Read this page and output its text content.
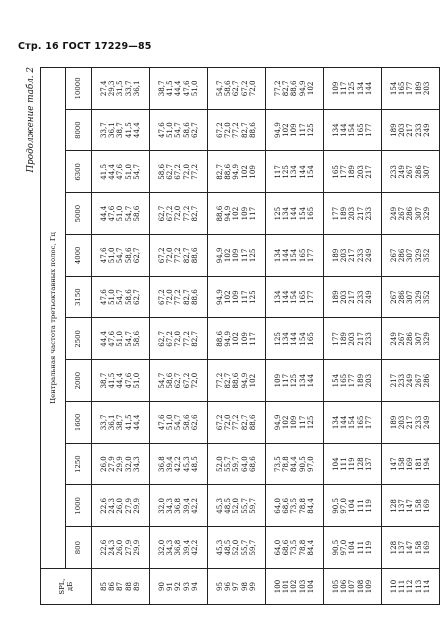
Стр. 16 ГОСТ 17229—85
Продолжение табл. 2
SPL, дБ	Центральная частота третьоктавных полос, Гц											
	800	1000	1250	1600	2000	2500	3150	4000	5000	6300	8000	10000

85 86 87 88 89	22,6 24,3 26,0 27,9 29,9	22,6 24,3 26,0 27,9 29,9	26,0 27,9 29,9 32,0 34,3	33,7 36,1 38,7 41,5 44,4	38,7 41,5 44,4 47,6 51,0	44,4 47,6 51,0 54,7 58,6	47,6 51,0 54,7 58,6 62,7	47,6 51,0 54,7 58,6 62,7	44,4 47,6 51,0 54,7 58,6	41,5 44,4 47,6 51,0 54,7	33,7 36,1 38,7 41,5 44,4	27,4 29,3 31,5 33,7 36,1

90 91 92 93 94	32,0 34,3 36,8 39,4 42,2	32,0 34,3 36,8 39,4 42,2	36,8 39,4 42,2 45,3 48,5	47,6 51,0 54,7 58,6 62,6	54,7 58,6 62,7 67,2 72,0	62,7 67,2 72,0 77,2 82,7	67,2 72,0 77,2 82,7 88,6	67,2 72,0 77,2 82,7 88,6	62,7 67,2 72,0 77,2 82,7	58,6 62,7 67,2 72,0 77,2	47,6 51,0 54,7 58,6 62,7	38,7 41,5 44,4 47,6 51,0

95 96 97 98 99	45,3 48,5 52,0 55,7 59,7	45,3 48,5 52,0 55,7 59,7	52,0 55,7 59,7 64,0 68,6	67,2 72,0 77,2 82,7 88,6	77,2 82,7 88,6 94,9 102	88,6 94,9 102 109 117	94,9 102 109 117 125	94,9 102 109 117 125	88,6 94,9 102 109 117	82,7 88,6 94,9 102 109	67,2 72,0 77,2 82,7 88,6	54,7 58,6 62,7 67,2 72,0

100 101 102 103 104	64,0 68,6 73,5 78,8 84,4	64,0 68,6 73,5 78,8 84,4	73,5 78,8 84,4 90,5 97,0	94,9 102 109 117 125	109 117 125 134 144	125 134 144 154 165	134 144 154 165 177	134 144 154 165 177	125 134 144 154 165	117 125 134 144 154	94,9 102 109 117 125	77,2 82,7 88,6 94,9 102

105 106 107 108 109	90,5 97,0 104 111 119	90,5 97,0 104 111 119	104 111 119 128 137	134 144 154 165 177	154 165 177 189 203	177 189 203 217 233	189 203 217 233 249	189 203 217 233 249	177 189 203 217 233	165 177 189 203 217	134 144 154 165 177	109 117 125 134 144

110 111 112 113 114	128 137 147 158 169	128 137 147 158 169	147 158 169 181 194	189 203 217 233 249	217 233 249 267 286	249 267 286 307 329	267 286 307 329 352	267 286 307 329 352	249 267 286 307 329	233 249 267 286 307	189 203 217 233 249	154 165 177 189 203
